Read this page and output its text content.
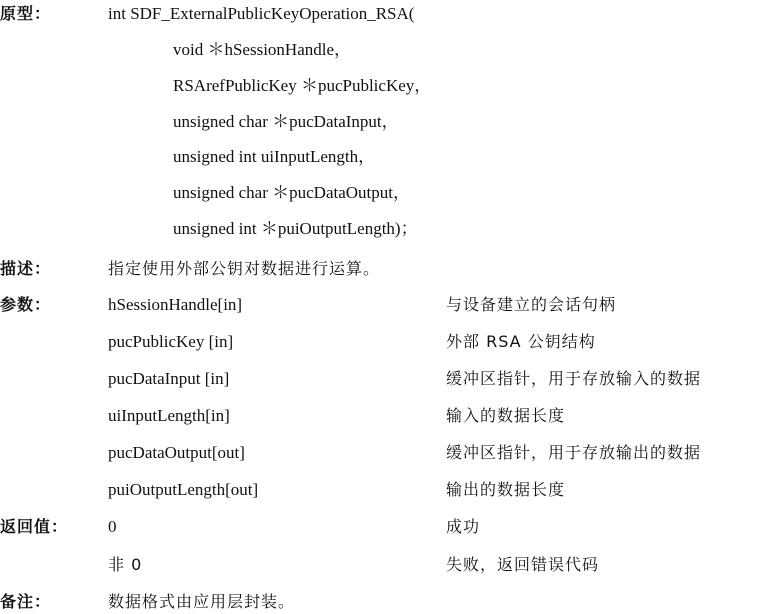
原型：	int SDF_ExternalPublicKeyOperation_RSA(
void ＊hSessionHandle，
RSArefPublicKey ＊pucPublicKey，
unsigned char ＊pucDataInput，
unsigned int uiInputLength，
unsigned char ＊pucDataOutput，
unsigned int ＊puiOutputLength)；
描述：	指定使用外部公钥对数据进行运算。
参数：	hSessionHandle[in]	与设备建立的会话句柄
pucPublicKey [in]	外部 RSA 公钥结构
pucDataInput [in]	缓冲区指针，用于存放输入的数据
uiInputLength[in]	输入的数据长度
pucDataOutput[out]	缓冲区指针，用于存放输出的数据
puiOutputLength[out]	输出的数据长度
返回值： 0	成功
非 0	失败，返回错误代码
备注：	数据格式由应用层封装。
